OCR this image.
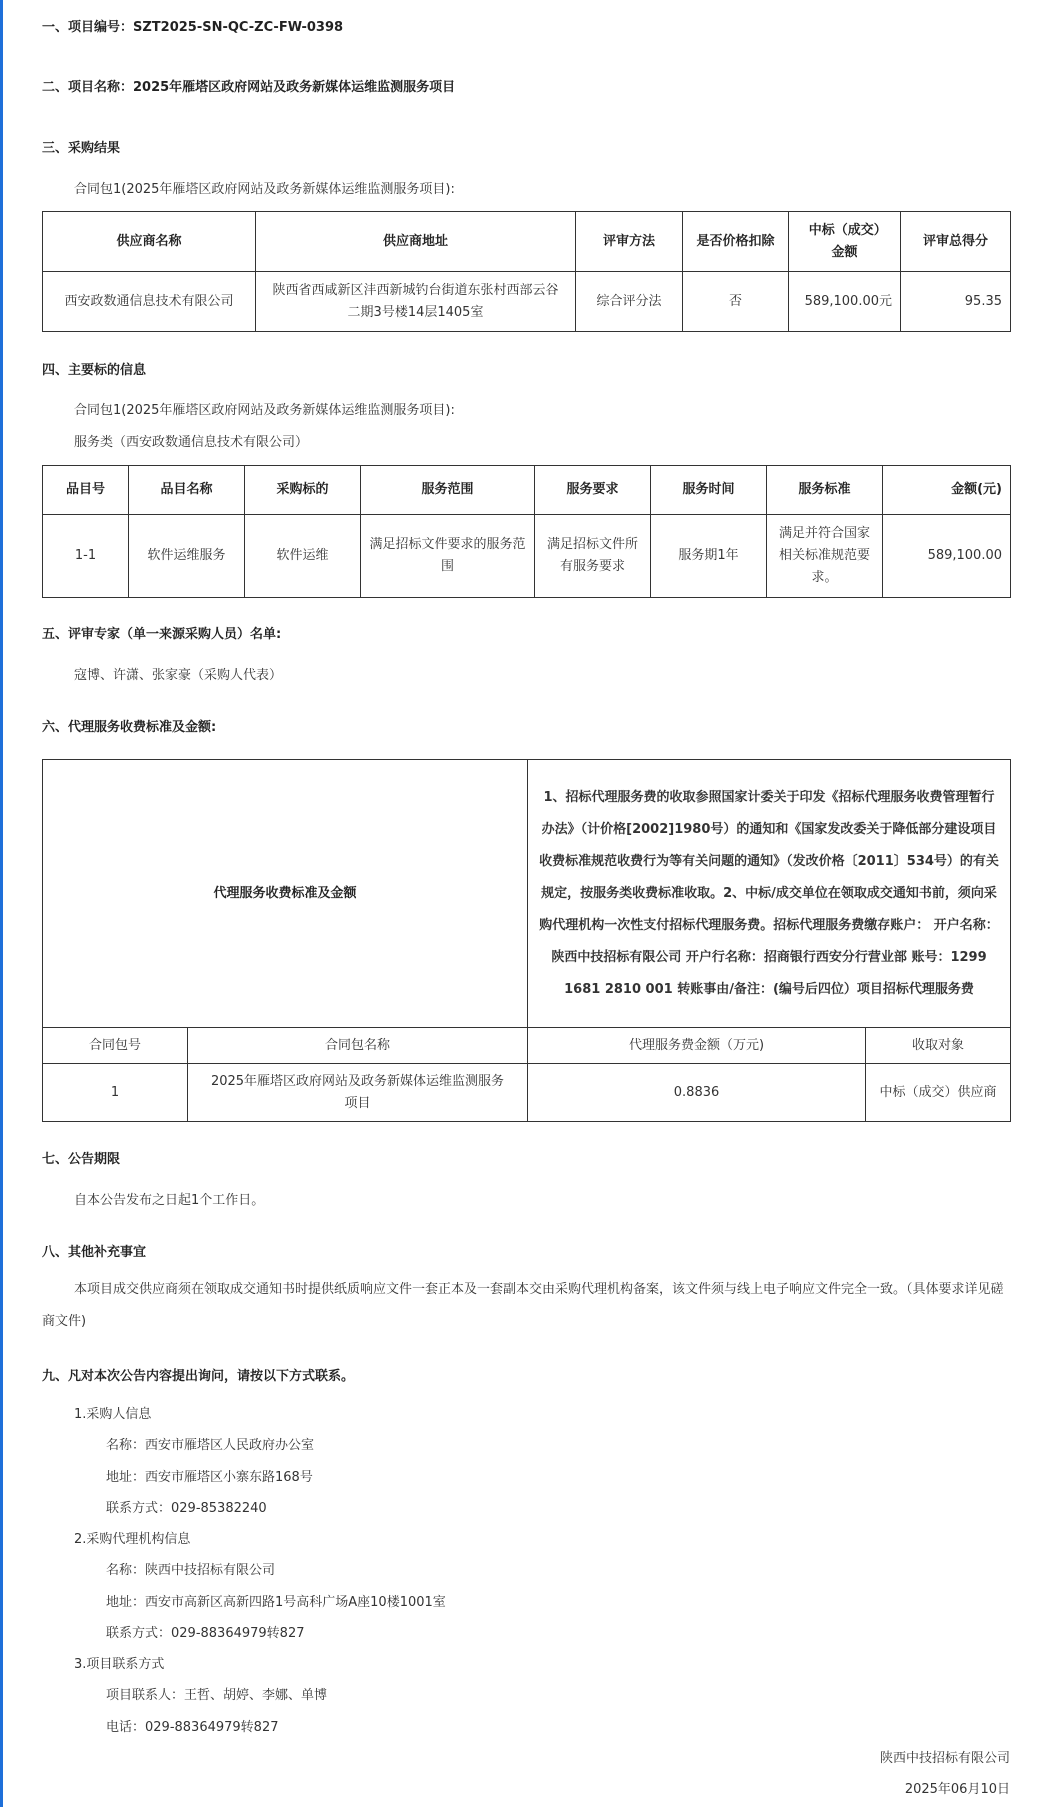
一、项目编号：SZT2025-SN-QC-ZC-FW-0398
二、项目名称：2025年雁塔区政府网站及政务新媒体运维监测服务项目
三、采购结果
合同包1(2025年雁塔区政府网站及政务新媒体运维监测服务项目):
供应商名称	供应商地址	评审方法	是否价格扣除	中标（成交）金额	评审总得分
西安政数通信息技术有限公司	陕西省西咸新区沣西新城钓台街道东张村西部云谷二期3号楼14层1405室	综合评分法	否	589,100.00元	95.35
四、主要标的信息
合同包1(2025年雁塔区政府网站及政务新媒体运维监测服务项目):
服务类（西安政数通信息技术有限公司）
品目号	品目名称	采购标的	服务范围	服务要求	服务时间	服务标准	金额(元)
1-1	软件运维服务	软件运维	满足招标文件要求的服务范围	满足招标文件所有服务要求	服务期1年	满足并符合国家相关标准规范要求。	589,100.00
五、评审专家（单一来源采购人员）名单:
寇博、许潇、张家豪（采购人代表）
六、代理服务收费标准及金额:
代理服务收费标准及金额		1、招标代理服务费的收取参照国家计委关于印发《招标代理服务收费管理暂行办法》（计价格[2002]1980号）的通知和《国家发改委关于降低部分建设项目收费标准规范收费行为等有关问题的通知》（发改价格〔2011〕534号）的有关规定，按服务类收费标准收取。2、中标/成交单位在领取成交通知书前，须向采购代理机构一次性支付招标代理服务费。招标代理服务费缴存账户： 开户名称：陕西中技招标有限公司 开户行名称：招商银行西安分行营业部 账号：1299 1681 2810 001 转账事由/备注：(编号后四位）项目招标代理服务费	
合同包号	合同包名称	代理服务费金额（万元)	收取对象
1	2025年雁塔区政府网站及政务新媒体运维监测服务项目	0.8836	中标（成交）供应商
七、公告期限
自本公告发布之日起1个工作日。
八、其他补充事宜
本项目成交供应商须在领取成交通知书时提供纸质响应文件一套正本及一套副本交由采购代理机构备案，该文件须与线上电子响应文件完全一致。（具体要求详见磋商文件)
九、凡对本次公告内容提出询问，请按以下方式联系。
1.采购人信息
名称：西安市雁塔区人民政府办公室
地址：西安市雁塔区小寨东路168号
联系方式：029-85382240
2.采购代理机构信息
名称：陕西中技招标有限公司
地址：西安市高新区高新四路1号高科广场A座10楼1001室
联系方式：029-88364979转827
3.项目联系方式
项目联系人：王哲、胡婷、李娜、单博
电话：029-88364979转827
陕西中技招标有限公司
2025年06月10日
